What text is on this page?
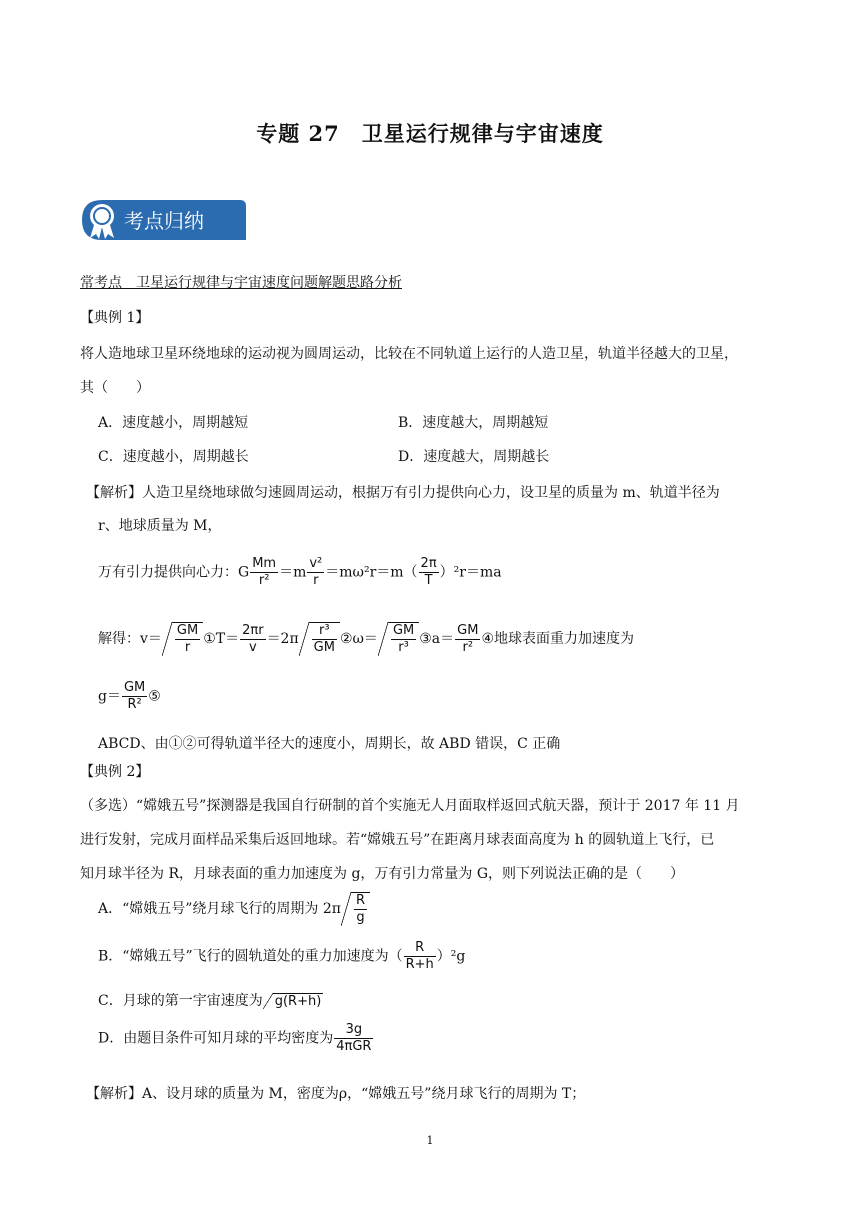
专题 27　卫星运行规律与宇宙速度
考点归纳
常考点　卫星运行规律与宇宙速度问题解题思路分析
【典例 1】
将人造地球卫星环绕地球的运动视为圆周运动，比较在不同轨道上运行的人造卫星，轨道半径越大的卫星，
其（　　）
A．速度越小，周期越短	B．速度越大，周期越短
C．速度越小，周期越长	D．速度越大，周期越长
【解析】人造卫星绕地球做匀速圆周运动，根据万有引力提供向心力，设卫星的质量为 m、轨道半径为
r、地球质量为 M，
万有引力提供向心力：G $\frac{Mm}{\text{r²}} =m \frac{\text{v²}}{r} =m\omega^2r=m( \frac{2\pi}{T} )^2r=ma$
解得：$v= \frac{GM}{r}$ ①T＝ $\frac{2\pi r}{v} =2\pi \frac{\text{r³}}{GM}$ ②ω＝ $\frac{GM}{\text{r³}}$ ③a＝ $\frac{GM}{\text{r²}}$ ④地球表面重力加速度为
$g= \frac{GM}{\text{R²}}$ ⑤
ABCD、由①②可得轨道半径大的速度小，周期长，故 ABD 错误，C 正确
【典例 2】
（多选）“嫦娥五号”探测器是我国自行研制的首个实施无人月面取样返回式航天器，预计于 2017 年 11 月
进行发射，完成月面样品采集后返回地球。若“嫦娥五号”在距离月球表面高度为 h 的圆轨道上飞行，已
知月球半径为 R，月球表面的重力加速度为 g，万有引力常量为 G，则下列说法正确的是（　　）
A．“嫦娥五号”绕月球飞行的周期为 $2\pi \frac{R}{g}$
B．“嫦娥五号”飞行的圆轨道处的重力加速度为（ $\frac{R}{R+h} )^2g$
C．月球的第一宇宙速度为 g(R+h)
D．由题目条件可知月球的平均密度为 $\frac{3g}{\text{4πGR}}$
【解析】A、设月球的质量为 M，密度为ρ，“嫦娥五号”绕月球飞行的周期为 T；
1
